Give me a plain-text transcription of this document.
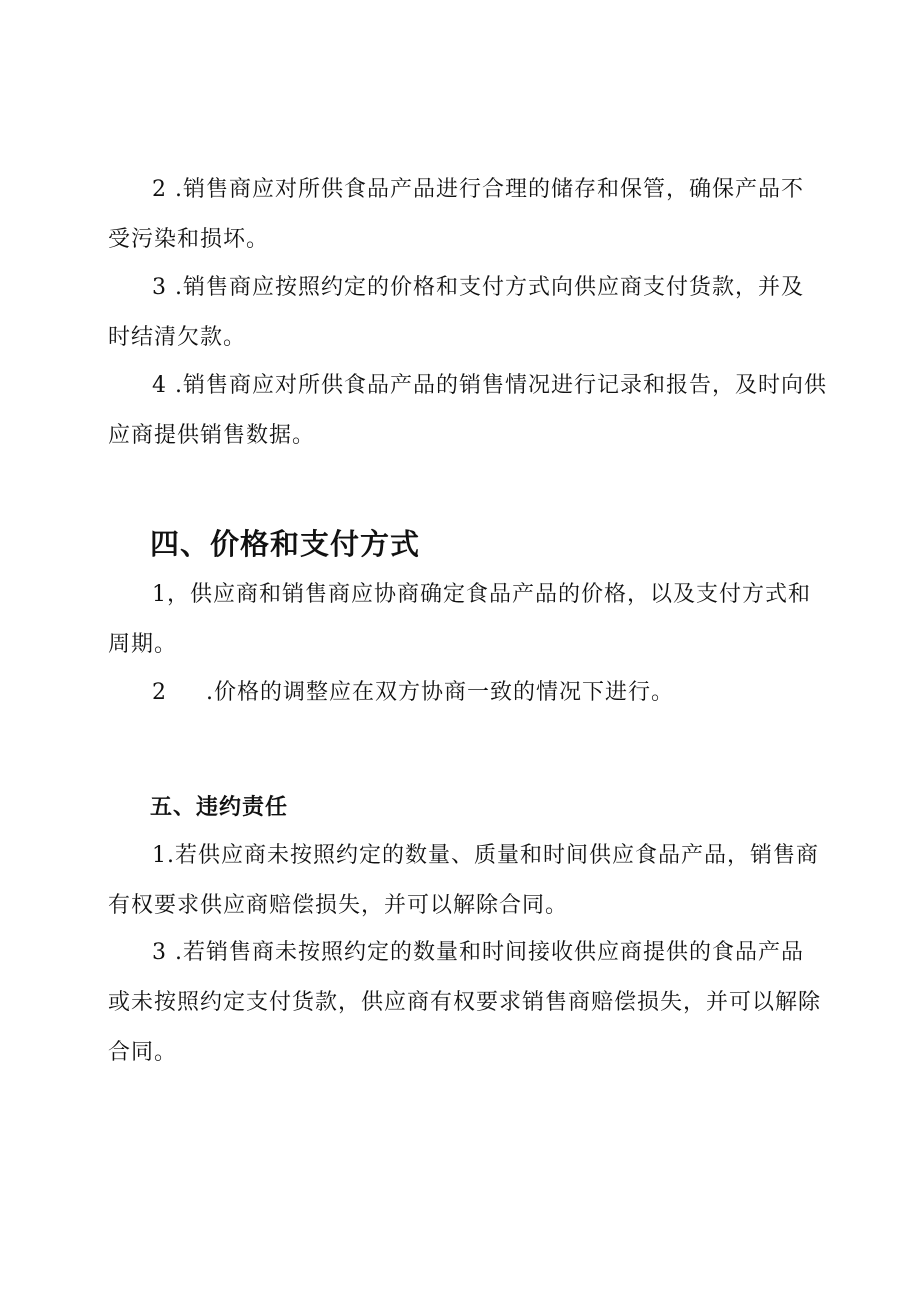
2 .销售商应对所供食品产品进行合理的储存和保管，确保产品不
受污染和损坏。

3 .销售商应按照约定的价格和支付方式向供应商支付货款，并及
时结清欠款。

4 .销售商应对所供食品产品的销售情况进行记录和报告，及时向供
应商提供销售数据。

四、价格和支付方式

1，供应商和销售商应协商确定食品产品的价格，以及支付方式和
周期。

2 .价格的调整应在双方协商一致的情况下进行。

五、违约责任

1.若供应商未按照约定的数量、质量和时间供应食品产品，销售商
有权要求供应商赔偿损失，并可以解除合同。

3 .若销售商未按照约定的数量和时间接收供应商提供的食品产品
或未按照约定支付货款，供应商有权要求销售商赔偿损失，并可以解除
合同。
